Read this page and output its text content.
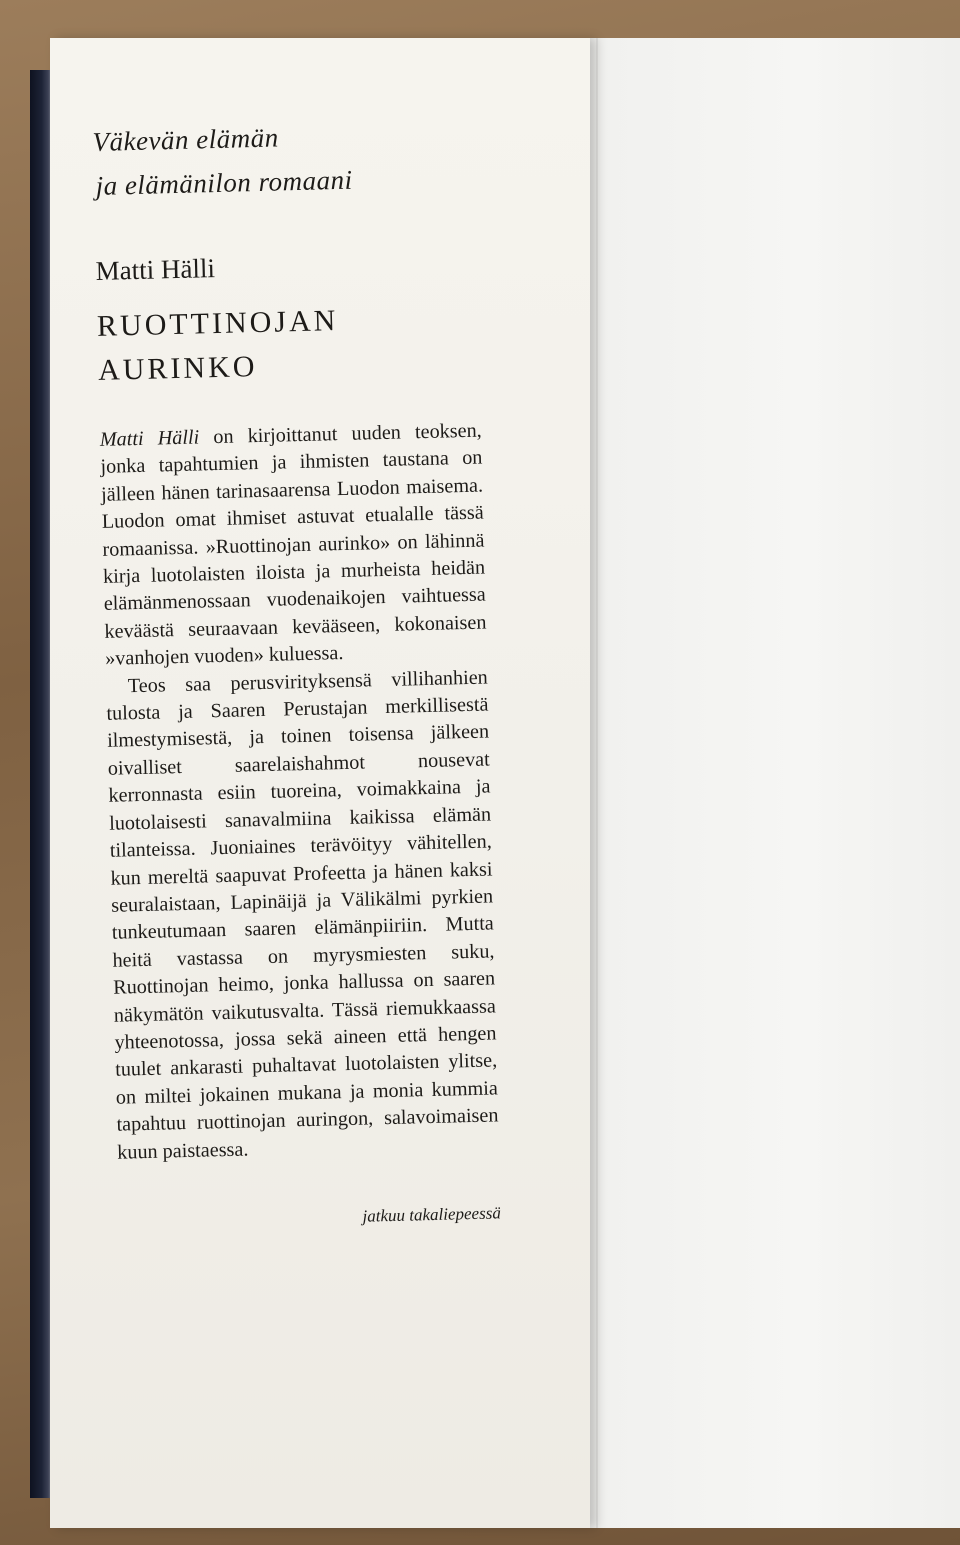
Väkevän elämän
ja elämänilon romaani
Matti Hälli
RUOTTINOJAN
AURINKO

Matti Hälli on kirjoittanut uuden teoksen, jonka tapahtumien ja ihmisten taustana on jälleen hänen tarinasaarensa Luodon maisema. Luodon omat ihmiset astuvat etualalle tässä romaanissa. »Ruottinojan aurinko» on lähinnä kirja luotolaisten iloista ja murheista heidän elämänmenossaan vuodenaikojen vaihtuessa keväästä seuraavaan kevääseen, kokonaisen »vanhojen vuoden» kuluessa.

Teos saa perusvirityksensä villihanhien tulosta ja Saaren Perustajan merkillisestä ilmestymisestä, ja toinen toisensa jälkeen oivalliset saarelaishahmot nousevat kerronnasta esiin tuoreina, voimakkaina ja luotolaisesti sanavalmiina kaikissa elämän tilanteissa. Juoniaines terävöityy vähitellen, kun mereltä saapuvat Profeetta ja hänen kaksi seuralaistaan, Lapinäijä ja Välikälmi pyrkien tunkeutumaan saaren elämänpiiriin. Mutta heitä vastassa on myrysmiesten suku, Ruottinojan heimo, jonka hallussa on saaren näkymätön vaikutusvalta. Tässä riemukkaassa yhteenotossa, jossa sekä aineen että hengen tuulet ankarasti puhaltavat luotolaisten ylitse, on miltei jokainen mukana ja monia kummia tapahtuu ruottinojan auringon, salavoimaisen kuun paistaessa.

jatkuu takaliepeessä
